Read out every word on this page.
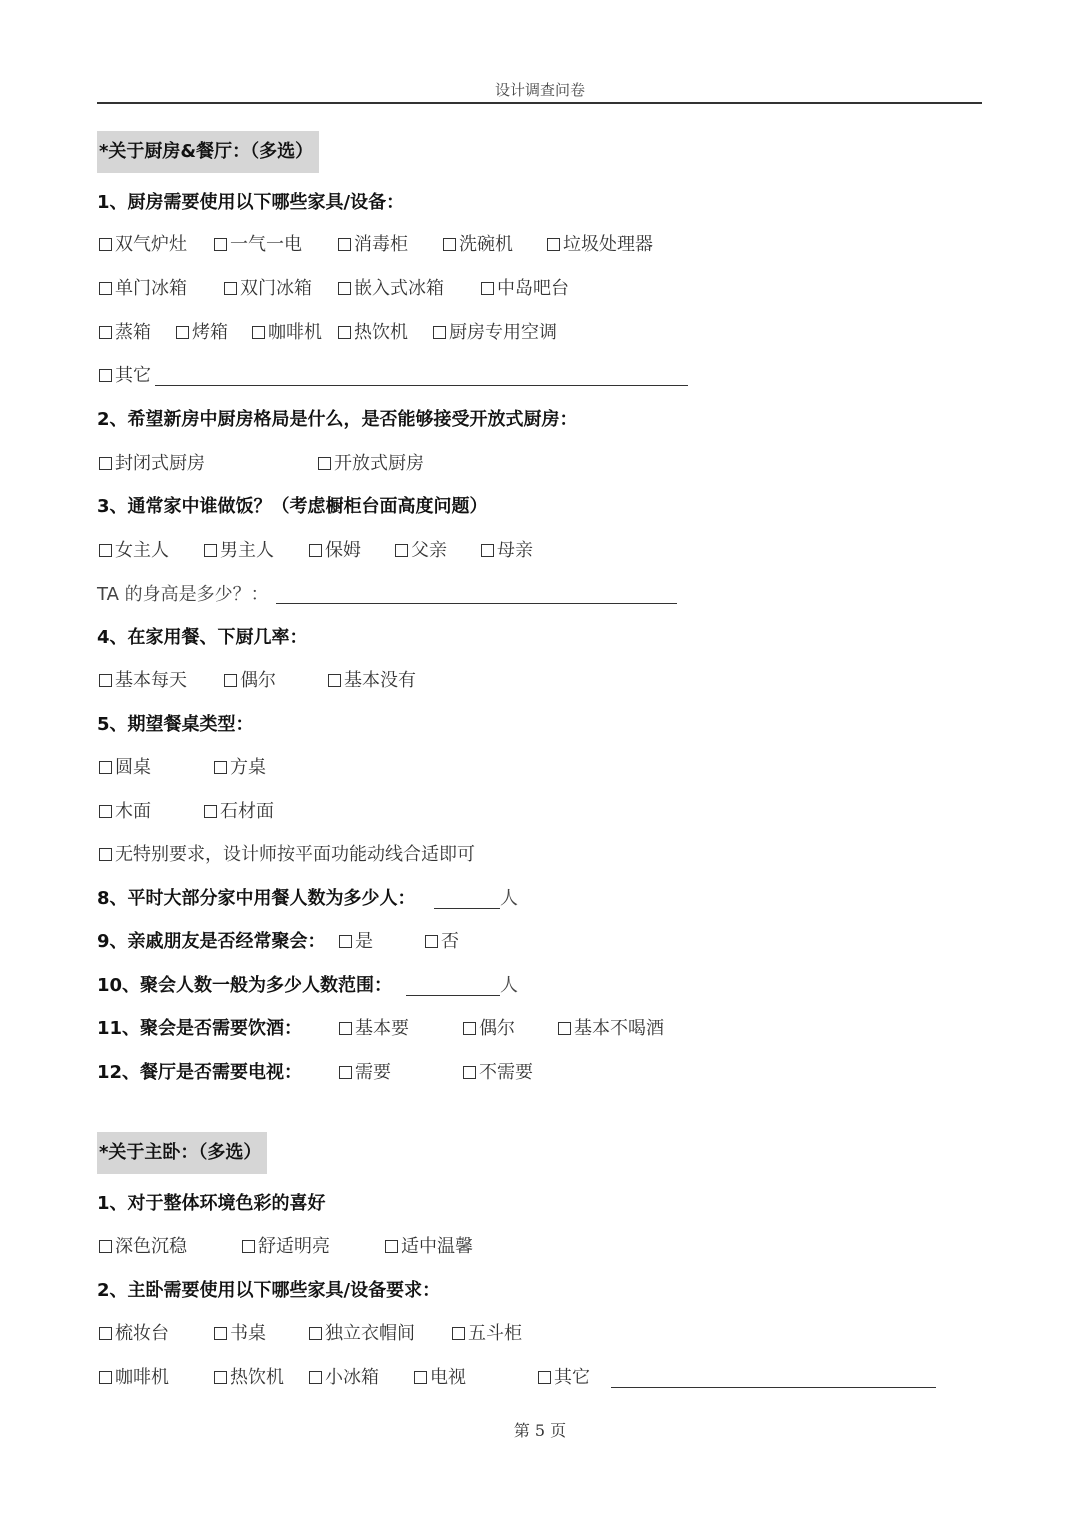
设计调查问卷
*关于厨房&餐厅：（多选）
1、厨房需要使用以下哪些家具/设备：
双气炉灶	一气一电	消毒柜	洗碗机	垃圾处理器
单门冰箱	双门冰箱	嵌入式冰箱	中岛吧台
蒸箱	烤箱	咖啡机	热饮机	厨房专用空调
其它
2、希望新房中厨房格局是什么，是否能够接受开放式厨房：
封闭式厨房	开放式厨房
3、通常家中谁做饭？（考虑橱柜台面高度问题）
女主人	男主人	保姆	父亲	母亲
TA 的身高是多少？：
4、在家用餐、下厨几率：
基本每天	偶尔	基本没有
5、期望餐桌类型：
圆桌	方桌
木面	石材面
无特别要求，设计师按平面功能动线合适即可
8、平时大部分家中用餐人数为多少人：	人
9、亲戚朋友是否经常聚会：	是	否
10、聚会人数一般为多少人数范围：	人
11、聚会是否需要饮酒：	基本要	偶尔	基本不喝酒
12、餐厅是否需要电视：	需要	不需要
*关于主卧：（多选）
1、对于整体环境色彩的喜好
深色沉稳	舒适明亮	适中温馨
2、主卧需要使用以下哪些家具/设备要求：
梳妆台	书桌	独立衣帽间	五斗柜
咖啡机	热饮机	小冰箱	电视	其它
第 5 页
